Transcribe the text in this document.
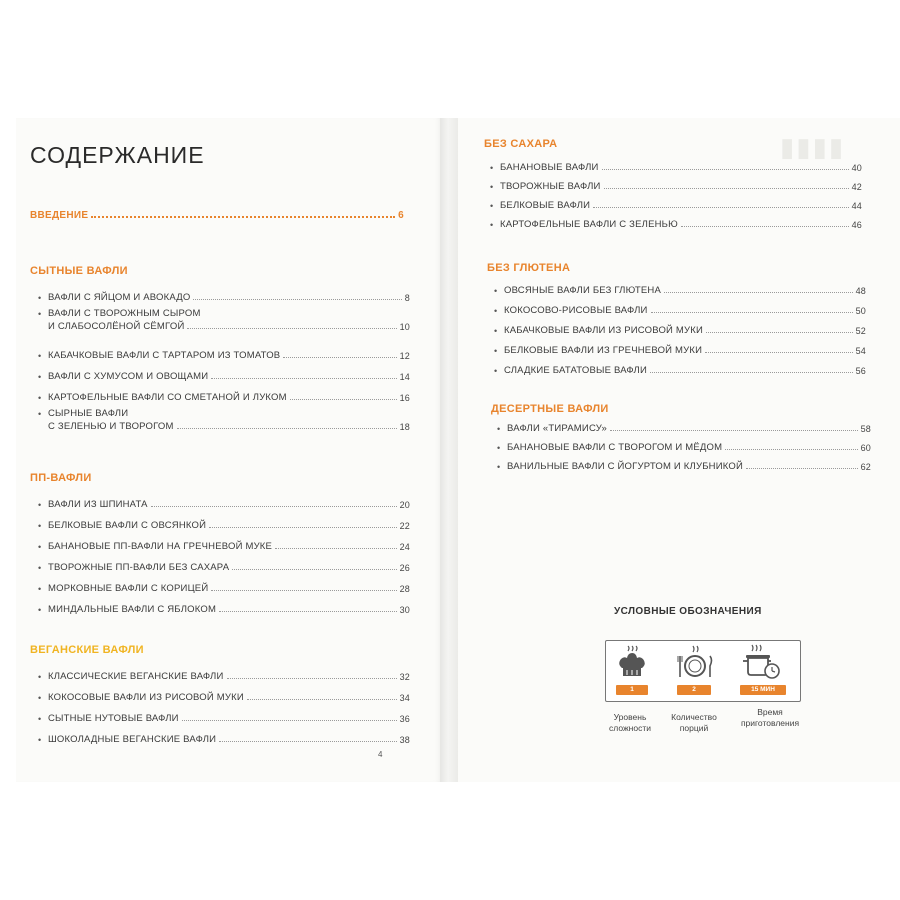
▮▮▮▮
СОДЕРЖАНИЕ
ВВЕДЕНИЕ	6
СЫТНЫЕ ВАФЛИ
• ВАФЛИ С ЯЙЦОМ И АВОКАДО	8
• ВАФЛИ С ТВОРОЖНЫМ СЫРОМ
И СЛАБОСОЛЁНОЙ СЁМГОЙ	10
• КАБАЧКОВЫЕ ВАФЛИ С ТАРТАРОМ ИЗ ТОМАТОВ	12
• ВАФЛИ С ХУМУСОМ И ОВОЩАМИ	14
• КАРТОФЕЛЬНЫЕ ВАФЛИ СО СМЕТАНОЙ И ЛУКОМ	16
• СЫРНЫЕ ВАФЛИ
С ЗЕЛЕНЬЮ И ТВОРОГОМ	18
ПП-ВАФЛИ
• ВАФЛИ ИЗ ШПИНАТА	20
• БЕЛКОВЫЕ ВАФЛИ С ОВСЯНКОЙ	22
• БАНАНОВЫЕ ПП-ВАФЛИ НА ГРЕЧНЕВОЙ МУКЕ	24
• ТВОРОЖНЫЕ ПП-ВАФЛИ БЕЗ САХАРА	26
• МОРКОВНЫЕ ВАФЛИ С КОРИЦЕЙ	28
• МИНДАЛЬНЫЕ ВАФЛИ С ЯБЛОКОМ	30
ВЕГАНСКИЕ ВАФЛИ
• КЛАССИЧЕСКИЕ ВЕГАНСКИЕ ВАФЛИ	32
• КОКОСОВЫЕ ВАФЛИ ИЗ РИСОВОЙ МУКИ	34
• СЫТНЫЕ НУТОВЫЕ ВАФЛИ	36
• ШОКОЛАДНЫЕ ВЕГАНСКИЕ ВАФЛИ	38
4
БЕЗ САХАРА
• БАНАНОВЫЕ ВАФЛИ	40
• ТВОРОЖНЫЕ ВАФЛИ	42
• БЕЛКОВЫЕ ВАФЛИ	44
• КАРТОФЕЛЬНЫЕ ВАФЛИ С ЗЕЛЕНЬЮ	46
БЕЗ ГЛЮТЕНА
• ОВСЯНЫЕ ВАФЛИ БЕЗ ГЛЮТЕНА	48
• КОКОСОВО-РИСОВЫЕ ВАФЛИ	50
• КАБАЧКОВЫЕ ВАФЛИ ИЗ РИСОВОЙ МУКИ	52
• БЕЛКОВЫЕ ВАФЛИ ИЗ ГРЕЧНЕВОЙ МУКИ	54
• СЛАДКИЕ БАТАТОВЫЕ ВАФЛИ	56
ДЕСЕРТНЫЕ ВАФЛИ
• ВАФЛИ «ТИРАМИСУ»	58
• БАНАНОВЫЕ ВАФЛИ С ТВОРОГОМ И МЁДОМ	60
• ВАНИЛЬНЫЕ ВАФЛИ С ЙОГУРТОМ И КЛУБНИКОЙ	62
УСЛОВНЫЕ ОБОЗНАЧЕНИЯ
1	2	15 МИН
Уровень
сложности
Количество
порций
Время
приготовления
